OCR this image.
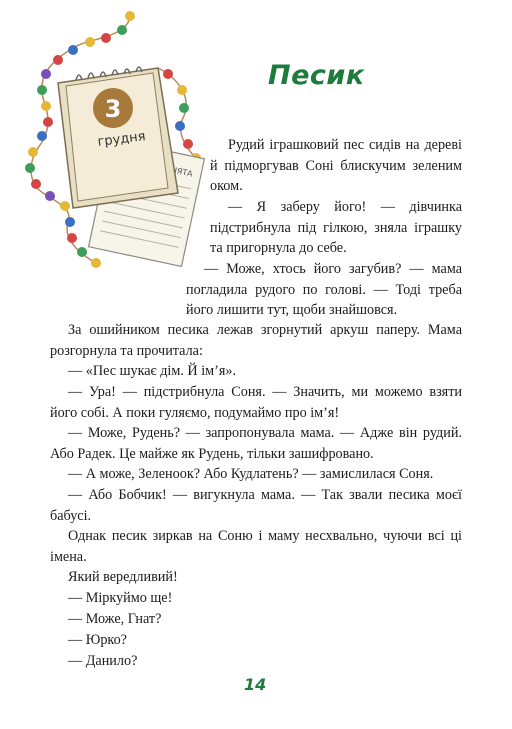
3
грудня
Песик

Рудий іграшковий пес сидів на дереві й підморгував Соні блискучим зеленим оком.

— Я заберу його! — дівчинка підстрибнула під гілкою, зняла іграшку та пригорнула до себе.

— Може, хтось його загубив? — мама погладила рудого по голові. — Тоді треба його лишити тут, щоби знайшовся.

За ошийником песика лежав згорнутий аркуш паперу. Мама розгорнула та прочитала:

— «Пес шукає дім. Й ім’я».

— Ура! — підстрибнула Соня. — Значить, ми можемо взяти його собі. А поки гуляємо, подумаймо про ім’я!

— Може, Рудень? — запропонувала мама. — Адже він рудий. Або Радек. Це майже як Рудень, тільки зашифровано.

— А може, Зеленоок? Або Кудлатень? — замислилася Соня.

— Або Бобчик! — вигукнула мама. — Так звали песика моєї бабусі.

Однак песик зиркав на Соню і маму несхвально, чуючи всі ці імена.

Який вередливий!

— Міркуймо ще!

— Може, Гнат?

— Юрко?

— Данило?

14
